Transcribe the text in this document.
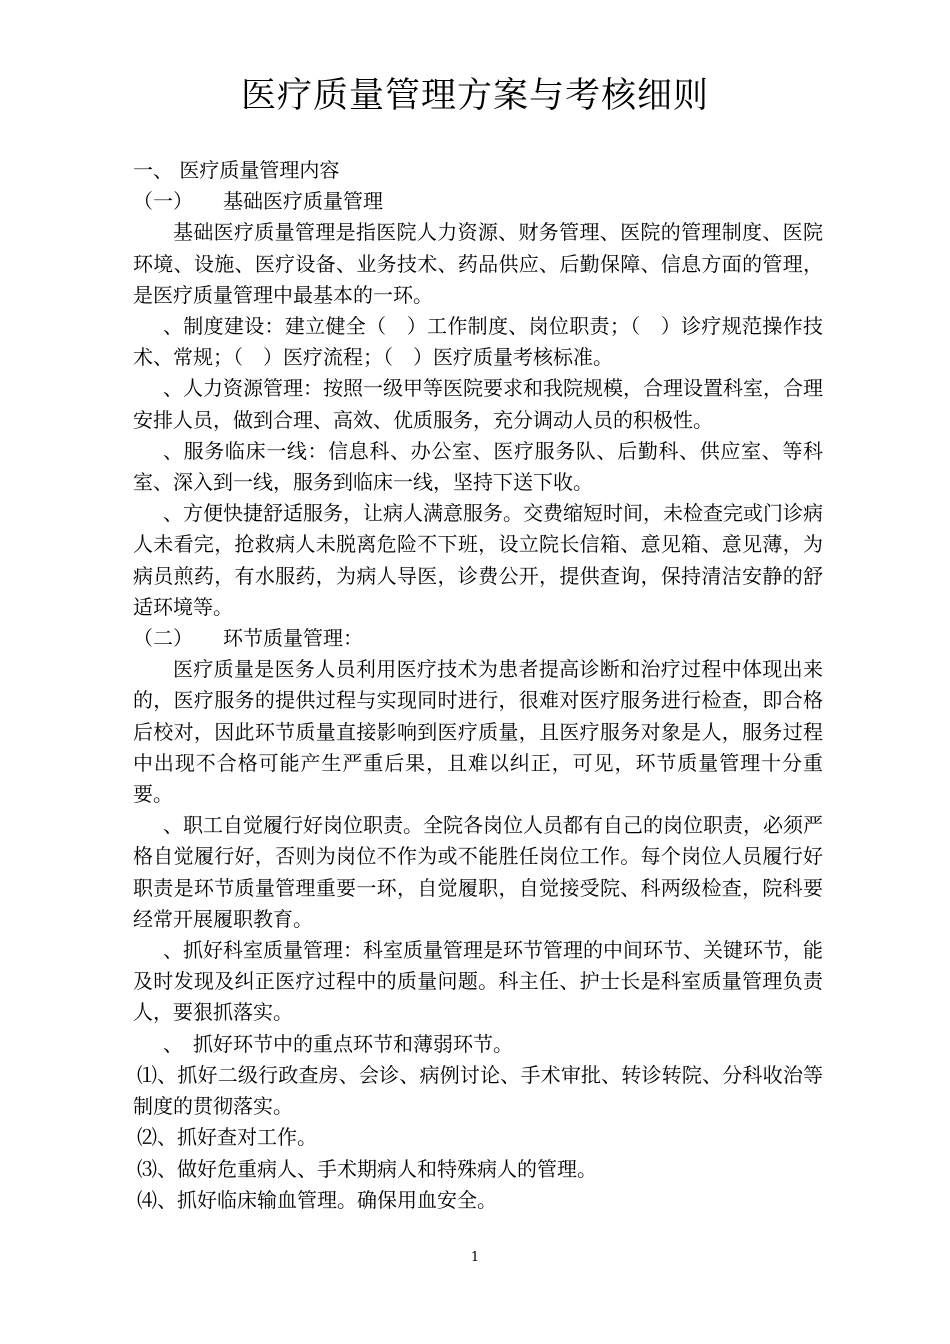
医疗质量管理方案与考核细则

一、 医疗质量管理内容

（一）　　基础医疗质量管理

基础医疗质量管理是指医院人力资源、财务管理、医院的管理制度、医院环境、设施、医疗设备、业务技术、药品供应、后勤保障、信息方面的管理，是医疗质量管理中最基本的一环。

、制度建设：建立健全（　）工作制度、岗位职责；（　）诊疗规范操作技术、常规；（　）医疗流程；（　）医疗质量考核标准。

、人力资源管理：按照一级甲等医院要求和我院规模，合理设置科室，合理安排人员，做到合理、高效、优质服务，充分调动人员的积极性。

、服务临床一线：信息科、办公室、医疗服务队、后勤科、供应室、等科室、深入到一线，服务到临床一线，坚持下送下收。

、方便快捷舒适服务，让病人满意服务。交费缩短时间，未检查完或门诊病人未看完，抢救病人未脱离危险不下班，设立院长信箱、意见箱、意见薄，为病员煎药，有水服药，为病人导医，诊费公开，提供查询，保持清洁安静的舒适环境等。

（二）　　环节质量管理：

医疗质量是医务人员利用医疗技术为患者提高诊断和治疗过程中体现出来的，医疗服务的提供过程与实现同时进行，很难对医疗服务进行检查，即合格后校对，因此环节质量直接影响到医疗质量，且医疗服务对象是人，服务过程中出现不合格可能产生严重后果，且难以纠正，可见，环节质量管理十分重要。

、职工自觉履行好岗位职责。全院各岗位人员都有自己的岗位职责，必须严格自觉履行好，否则为岗位不作为或不能胜任岗位工作。每个岗位人员履行好职责是环节质量管理重要一环，自觉履职，自觉接受院、科两级检查，院科要经常开展履职教育。

、抓好科室质量管理：科室质量管理是环节管理的中间环节、关键环节，能及时发现及纠正医疗过程中的质量问题。科主任、护士长是科室质量管理负责人，要狠抓落实。

、　抓好环节中的重点环节和薄弱环节。

⑴、抓好二级行政查房、会诊、病例讨论、手术审批、转诊转院、分科收治等制度的贯彻落实。

⑵、抓好查对工作。

⑶、做好危重病人、手术期病人和特殊病人的管理。

⑷、抓好临床输血管理。确保用血安全。

1
